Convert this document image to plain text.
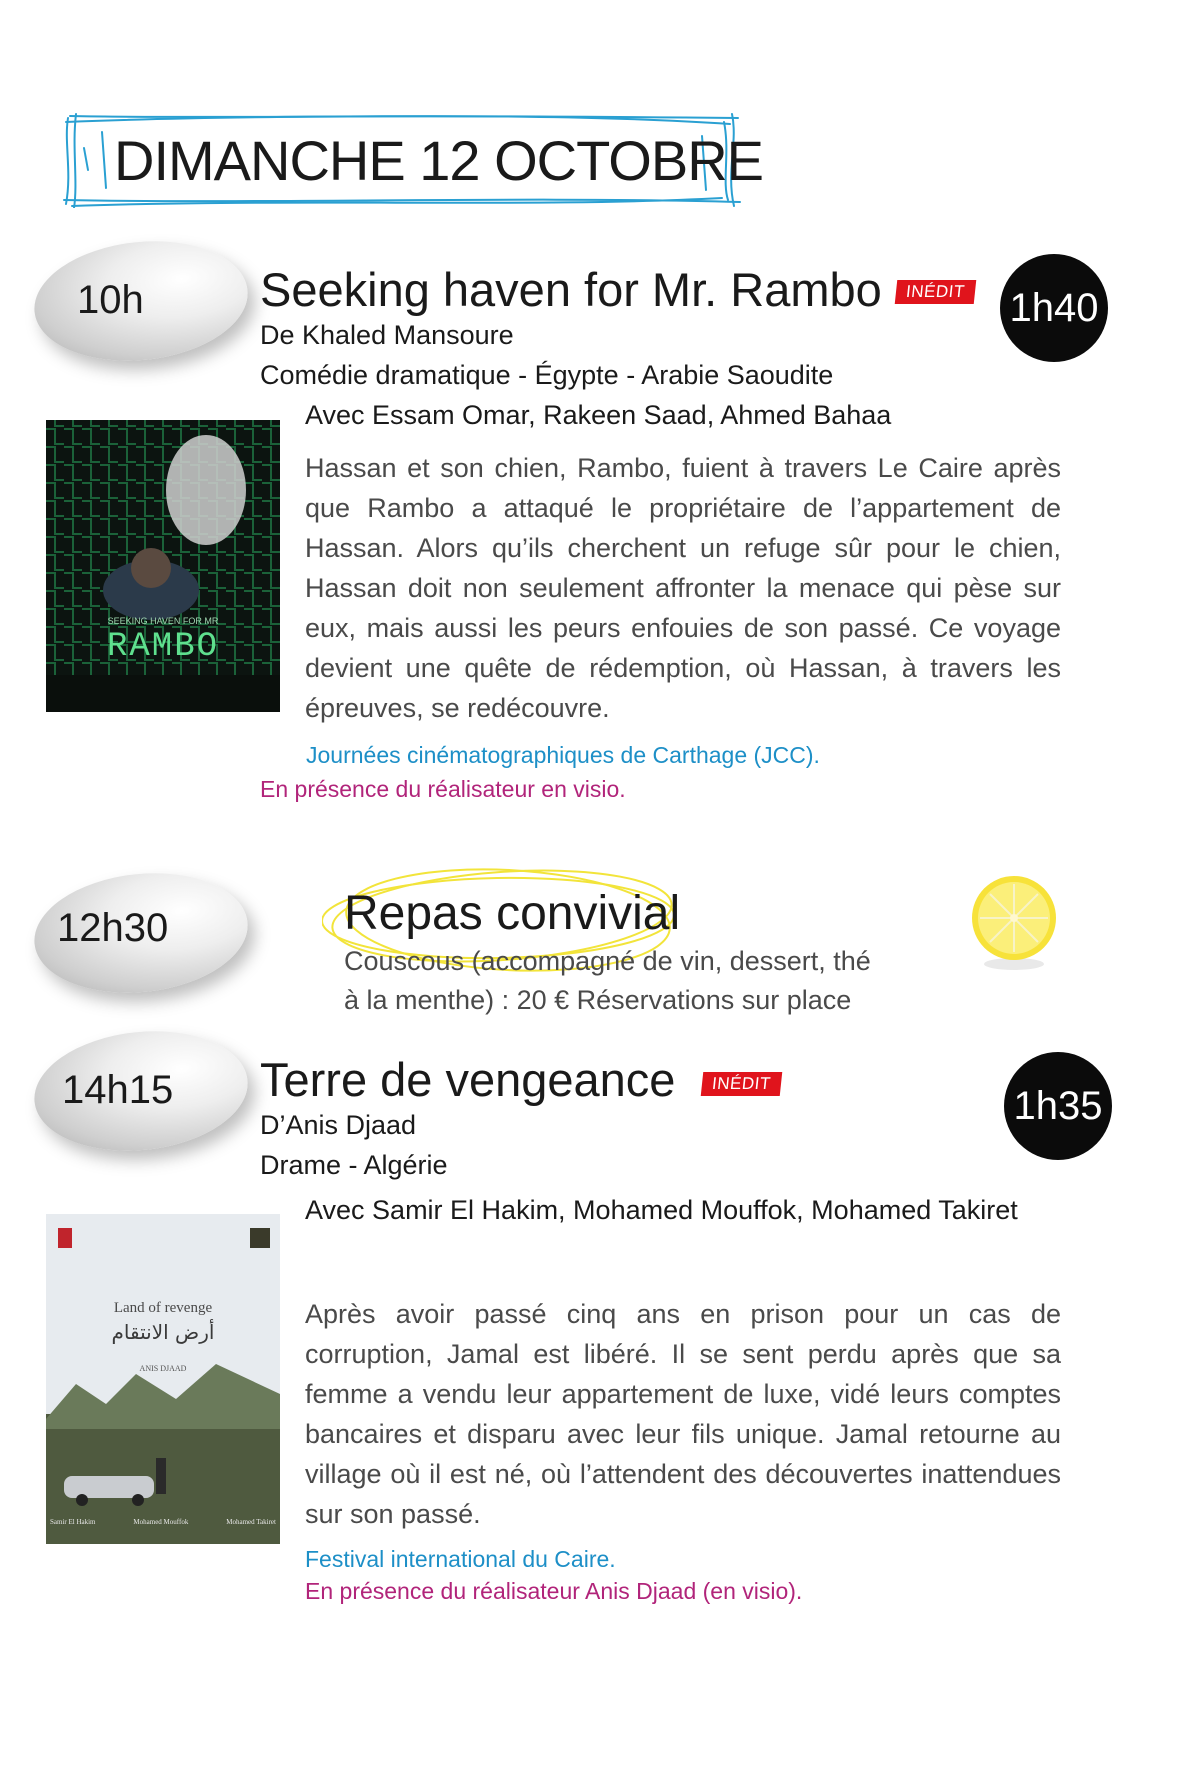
DIMANCHE 12 OCTOBRE
10h Seeking haven for Mr. Rambo	INÉDIT 1h40
De Khaled Mansoure
Comédie dramatique - Égypte - Arabie Saoudite
Avec Essam Omar, Rakeen Saad, Ahmed Bahaa
SEEKING HAVEN FOR MR
RAMBO
Hassan et son chien, Rambo, fuient à travers Le Caire après que Rambo a attaqué le propriétaire de l’appartement de Hassan. Alors qu’ils cherchent un refuge sûr pour le chien, Hassan doit non seulement affronter la menace qui pèse sur eux, mais aussi les peurs enfouies de son passé. Ce voyage devient une quête de rédemption, où Hassan, à travers les épreuves, se redécouvre.
Journées cinématographiques de Carthage (JCC).
En présence du réalisateur en visio.
12h30	Repas convivial
Couscous (accompagné de vin, dessert, thé
à la menthe) : 20 € Réservations sur place
14h15 Terre de vengeance	INÉDIT	1h35
D’Anis Djaad
Drame - Algérie
Avec Samir El Hakim, Mohamed Mouffok, Mohamed Takiret
Land of revenge
أرض الانتقام
ANIS DJAAD
Samir El Hakim	Mohamed Mouffok	Mohamed Takiret
Après avoir passé cinq ans en prison pour un cas de corruption, Jamal est libéré. Il se sent perdu après que sa femme a vendu leur appartement de luxe, vidé leurs comptes bancaires et disparu avec leur fils unique. Jamal retourne au village où il est né, où l’attendent des découvertes inattendues sur son passé.
Festival international du Caire.
En présence du réalisateur Anis Djaad (en visio).
